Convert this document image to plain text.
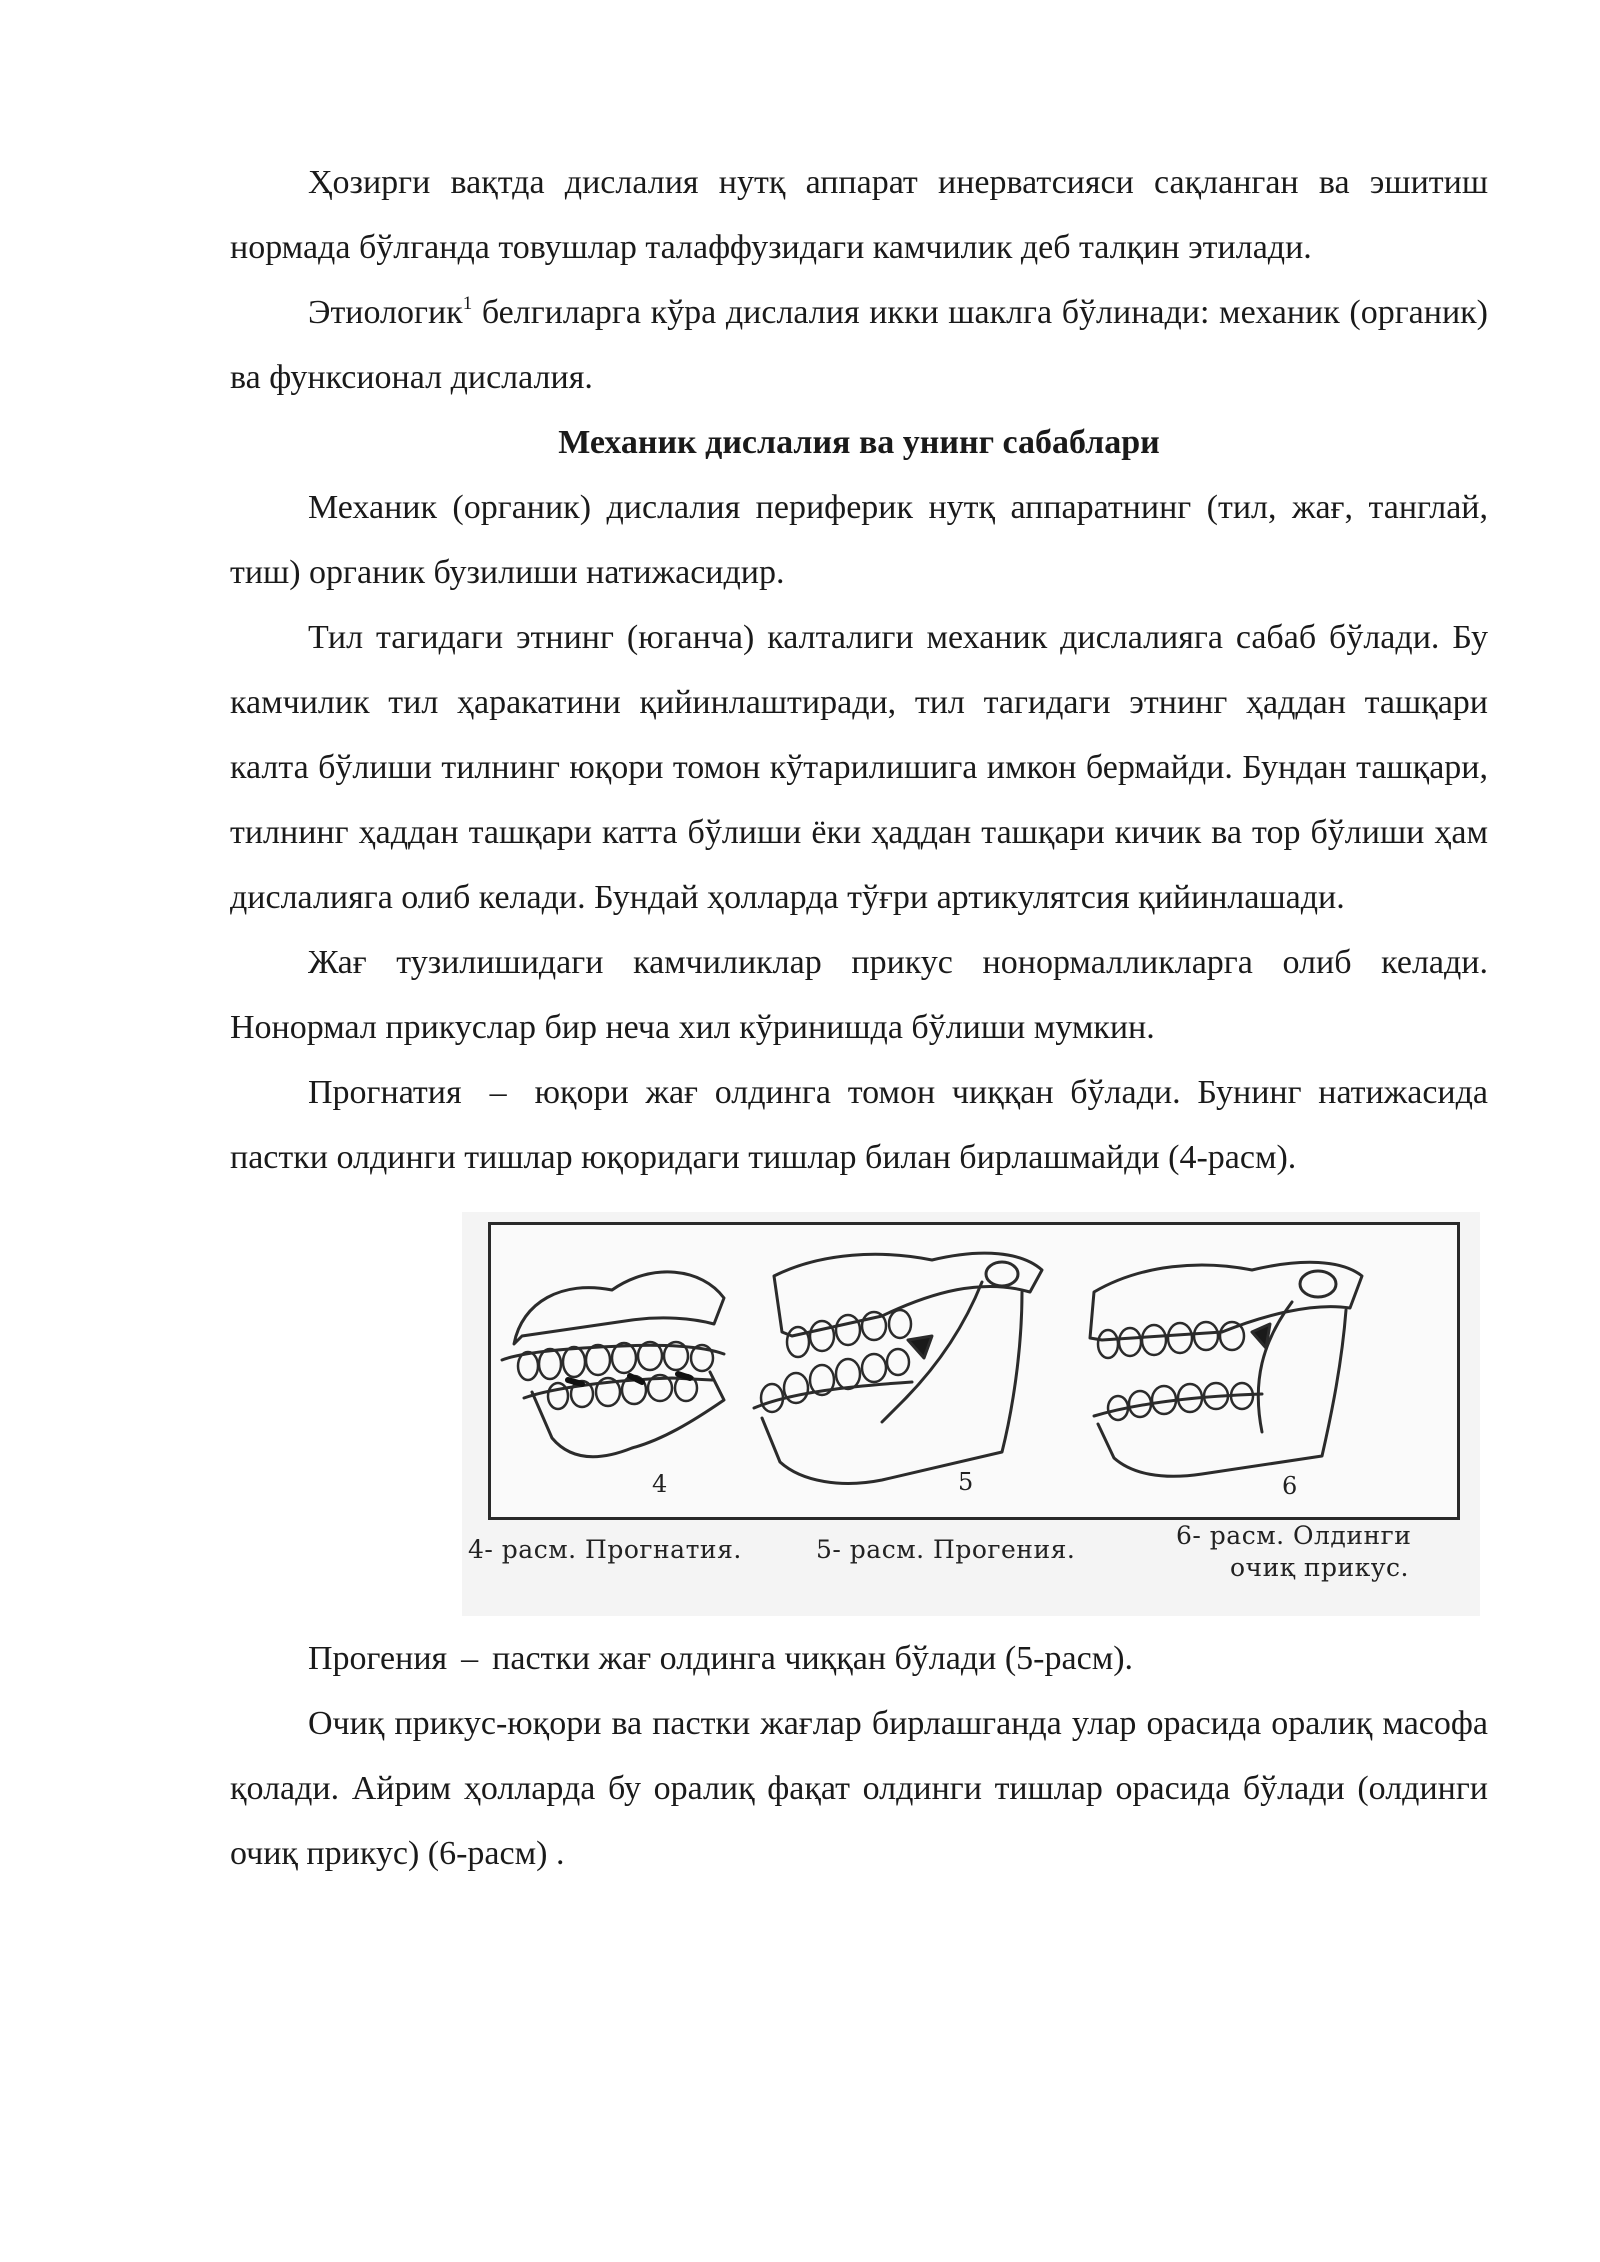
Ҳозирги вақтда дислалия нутқ аппарат инерватсияси сақланган ва эшитиш нормада бўлганда товушлар талаффузидаги камчилик деб талқин этилади.

Этиологик$^1$ белгиларга кўра дислалия икки шаклга бўлинади: механик (органик) ва функсионал дислалия.

Механик дислалия ва унинг сабаблари

Механик (органик) дислалия периферик нутқ аппаратнинг (тил, жағ, танглай, тиш) органик бузилиши натижасидир.

Тил тагидаги этнинг (юганча) калталиги механик дислалияга сабаб бўлади. Бу камчилик тил ҳаракатини қийинлаштиради, тил тагидаги этнинг ҳаддан ташқари калта бўлиши тилнинг юқори томон кўтарилишига имкон бермайди. Бундан ташқари, тилнинг ҳаддан ташқари катта бўлиши ёки ҳаддан ташқари кичик ва тор бўлиши ҳам дислалияга олиб келади. Бундай ҳолларда тўғри артикулятсия қийинлашади.

Жағ тузилишидаги камчиликлар прикус нонормалликларга олиб келади. Нонормал прикуслар бир неча хил кўринишда бўлиши мумкин.

Прогнатия – юқори жағ олдинга томон чиққан бўлади. Бунинг натижасида пастки олдинги тишлар юқоридаги тишлар билан бирлашмайди (4-расм).

4	5	6
4- расм. Прогнатия.	5- расм. Прогения.	6- расм. Олдинги
очиқ прикус.

Прогения – пастки жағ олдинга чиққан бўлади (5-расм).

Очиқ прикус-юқори ва пастки жағлар бирлашганда улар орасида оралиқ масофа қолади. Айрим ҳолларда бу оралиқ фақат олдинги тишлар орасида бўлади (олдинги очиқ прикус) (6-расм) .
